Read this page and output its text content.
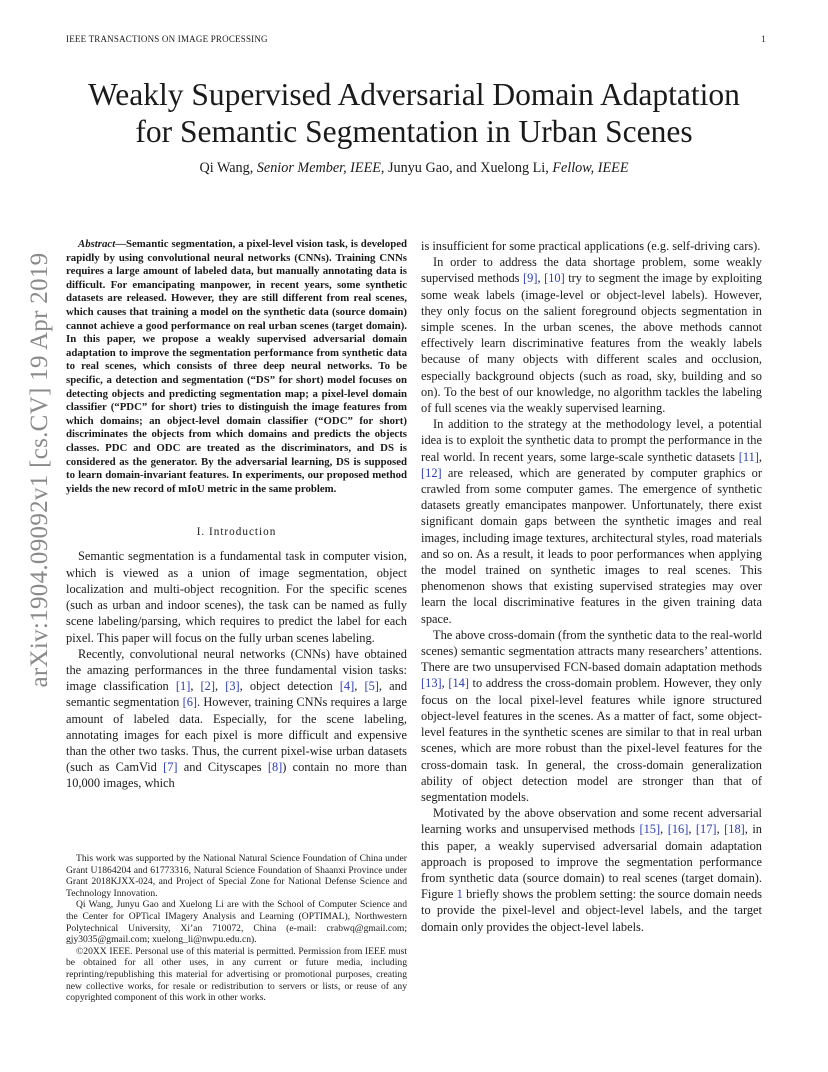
IEEE TRANSACTIONS ON IMAGE PROCESSING	1
arXiv:1904.09092v1 [cs.CV] 19 Apr 2019
Weakly Supervised Adversarial Domain Adaptation
for Semantic Segmentation in Urban Scenes
Qi Wang, Senior Member, IEEE, Junyu Gao, and Xuelong Li, Fellow, IEEE

Abstract—Semantic segmentation, a pixel-level vision task, is developed rapidly by using convolutional neural networks (CNNs). Training CNNs requires a large amount of labeled data, but manually annotating data is difficult. For emancipating manpower, in recent years, some synthetic datasets are released. However, they are still different from real scenes, which causes that training a model on the synthetic data (source domain) cannot achieve a good performance on real urban scenes (target domain). In this paper, we propose a weakly supervised adversarial domain adaptation to improve the segmentation performance from synthetic data to real scenes, which consists of three deep neural networks. To be specific, a detection and segmentation (“DS” for short) model focuses on detecting objects and predicting segmentation map; a pixel-level domain classifier (“PDC” for short) tries to distinguish the image features from which domains; an object-level domain classifier (“ODC” for short) discriminates the objects from which domains and predicts the objects classes. PDC and ODC are treated as the discriminators, and DS is considered as the generator. By the adversarial learning, DS is supposed to learn domain-invariant features. In experiments, our proposed method yields the new record of mIoU metric in the same problem.

I. Introduction

Semantic segmentation is a fundamental task in computer vision, which is viewed as a union of image segmentation, object localization and multi-object recognition. For the specific scenes (such as urban and indoor scenes), the task can be named as fully scene labeling/parsing, which requires to predict the label for each pixel. This paper will focus on the fully urban scenes labeling.

Recently, convolutional neural networks (CNNs) have obtained the amazing performances in the three fundamental vision tasks: image classification [1], [2], [3], object detection [4], [5], and semantic segmentation [6]. However, training CNNs requires a large amount of labeled data. Especially, for the scene labeling, annotating images for each pixel is more difficult and expensive than the other two tasks. Thus, the current pixel-wise urban datasets (such as CamVid [7] and Cityscapes [8]) contain no more than 10,000 images, which

This work was supported by the National Natural Science Foundation of China under Grant U1864204 and 61773316, Natural Science Foundation of Shaanxi Province under Grant 2018KJXX-024, and Project of Special Zone for National Defense Science and Technology Innovation.

Qi Wang, Junyu Gao and Xuelong Li are with the School of Computer Science and the Center for OPTical IMagery Analysis and Learning (OPTIMAL), Northwestern Polytechnical University, Xi’an 710072, China (e-mail: crabwq@gmail.com; gjy3035@gmail.com; xuelong_li@nwpu.edu.cn).

©20XX IEEE. Personal use of this material is permitted. Permission from IEEE must be obtained for all other uses, in any current or future media, including reprinting/republishing this material for advertising or promotional purposes, creating new collective works, for resale or redistribution to servers or lists, or reuse of any copyrighted component of this work in other works.

is insufficient for some practical applications (e.g. self-driving cars).

In order to address the data shortage problem, some weakly supervised methods [9], [10] try to segment the image by exploiting some weak labels (image-level or object-level labels). However, they only focus on the salient foreground objects segmentation in simple scenes. In the urban scenes, the above methods cannot effectively learn discriminative features from the weakly labels because of many objects with different scales and occlusion, especially background objects (such as road, sky, building and so on). To the best of our knowledge, no algorithm tackles the labeling of full scenes via the weakly supervised learning.

In addition to the strategy at the methodology level, a potential idea is to exploit the synthetic data to prompt the performance in the real world. In recent years, some large-scale synthetic datasets [11], [12] are released, which are generated by computer graphics or crawled from some computer games. The emergence of synthetic datasets greatly emancipates manpower. Unfortunately, there exist significant domain gaps between the synthetic images and real images, including image textures, architectural styles, road materials and so on. As a result, it leads to poor performances when applying the model trained on synthetic images to real scenes. This phenomenon shows that existing supervised strategies may over learn the local discriminative features in the given training data space.

The above cross-domain (from the synthetic data to the real-world scenes) semantic segmentation attracts many researchers’ attentions. There are two unsupervised FCN-based domain adaptation methods [13], [14] to address the cross-domain problem. However, they only focus on the local pixel-level features while ignore structured object-level features in the scenes. As a matter of fact, some object-level features in the synthetic scenes are similar to that in real urban scenes, which are more robust than the pixel-level features for the cross-domain task. In general, the cross-domain generalization ability of object detection model are stronger than that of segmentation models.

Motivated by the above observation and some recent adversarial learning works and unsupervised methods [15], [16], [17], [18], in this paper, a weakly supervised adversarial domain adaptation approach is proposed to improve the segmentation performance from synthetic data (source domain) to real scenes (target domain). Figure 1 briefly shows the problem setting: the source domain needs to provide the pixel-level and object-level labels, and the target domain only provides the object-level labels.
